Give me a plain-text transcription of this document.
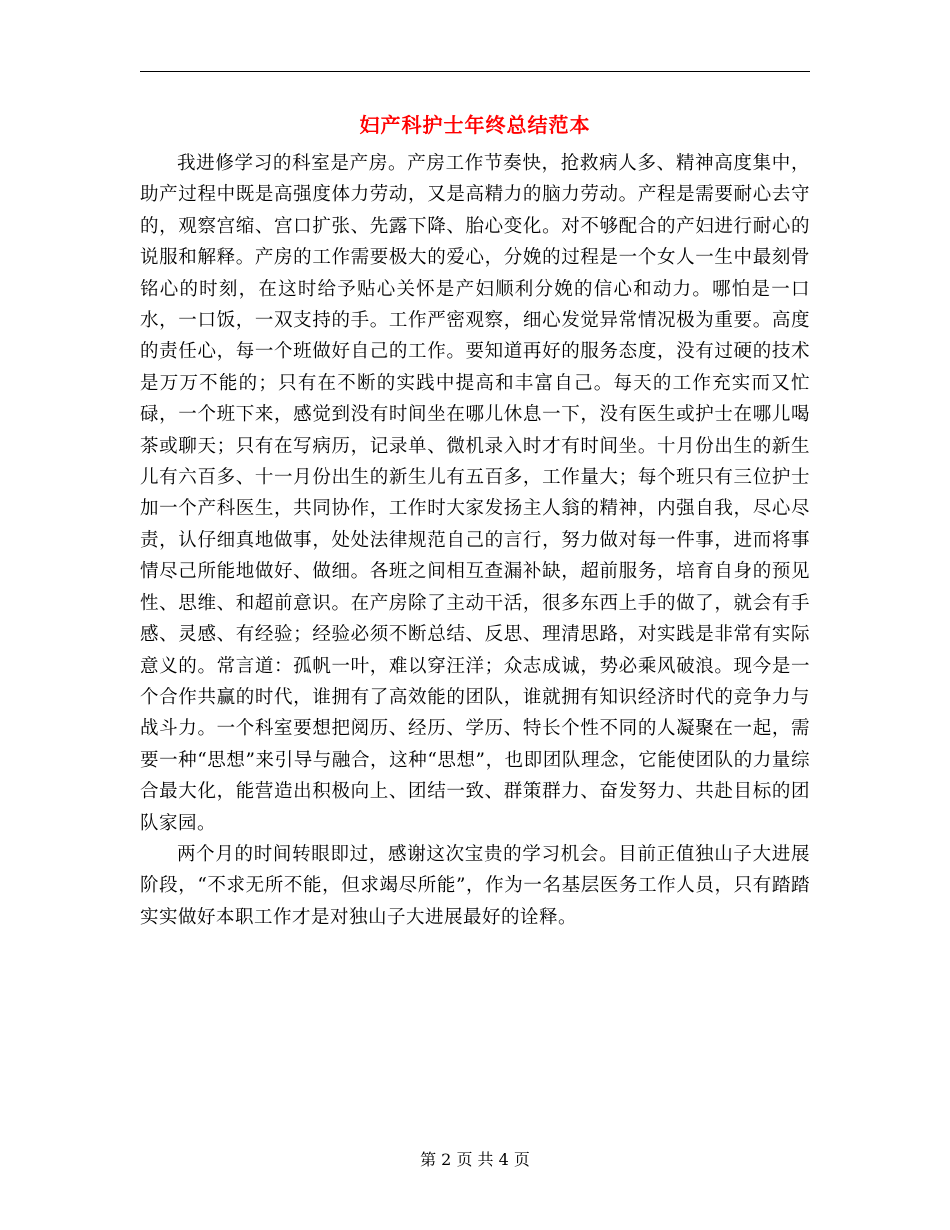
妇产科护士年终总结范本

我进修学习的科室是产房。产房工作节奏快，抢救病人多、精神高度集中，助产过程中既是高强度体力劳动，又是高精力的脑力劳动。产程是需要耐心去守的，观察宫缩、宫口扩张、先露下降、胎心变化。对不够配合的产妇进行耐心的说服和解释。产房的工作需要极大的爱心，分娩的过程是一个女人一生中最刻骨铭心的时刻，在这时给予贴心关怀是产妇顺利分娩的信心和动力。哪怕是一口水，一口饭，一双支持的手。工作严密观察，细心发觉异常情况极为重要。高度的责任心，每一个班做好自己的工作。要知道再好的服务态度，没有过硬的技术是万万不能的；只有在不断的实践中提高和丰富自己。每天的工作充实而又忙碌，一个班下来，感觉到没有时间坐在哪儿休息一下，没有医生或护士在哪儿喝茶或聊天；只有在写病历，记录单、微机录入时才有时间坐。十月份出生的新生儿有六百多、十一月份出生的新生儿有五百多，工作量大；每个班只有三位护士加一个产科医生，共同协作，工作时大家发扬主人翁的精神，内强自我，尽心尽责，认仔细真地做事，处处法律规范自己的言行，努力做对每一件事，进而将事情尽己所能地做好、做细。各班之间相互查漏补缺，超前服务，培育自身的预见性、思维、和超前意识。在产房除了主动干活，很多东西上手的做了，就会有手感、灵感、有经验；经验必须不断总结、反思、理清思路，对实践是非常有实际意义的。常言道：孤帆一叶，难以穿汪洋；众志成诚，势必乘风破浪。现今是一个合作共赢的时代，谁拥有了高效能的团队，谁就拥有知识经济时代的竞争力与战斗力。一个科室要想把阅历、经历、学历、特长个性不同的人凝聚在一起，需要一种“思想”来引导与融合，这种“思想”，也即团队理念，它能使团队的力量综合最大化，能营造出积极向上、团结一致、群策群力、奋发努力、共赴目标的团队家园。

两个月的时间转眼即过，感谢这次宝贵的学习机会。目前正值独山子大进展阶段，“不求无所不能，但求竭尽所能”，作为一名基层医务工作人员，只有踏踏实实做好本职工作才是对独山子大进展最好的诠释。

第 2 页 共 4 页
